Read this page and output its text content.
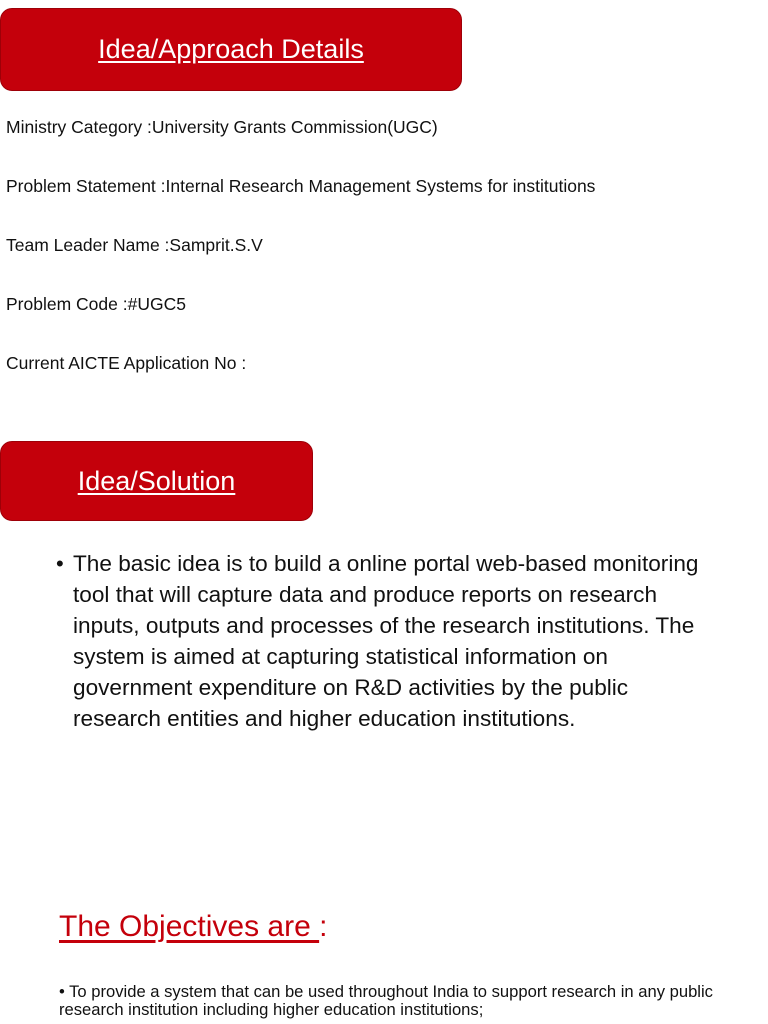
Idea/Approach Details
Ministry Category :University Grants Commission(UGC)
Problem Statement :Internal Research Management Systems for institutions
Team Leader Name :Samprit.S.V
Problem Code :#UGC5
Current AICTE Application No :
Idea/Solution
• The basic idea is to build a online portal web-based monitoring tool that will capture data and produce reports on research inputs, outputs and processes of the research institutions. The system is aimed at capturing statistical information on government expenditure on R&D activities by the public research entities and higher education institutions.

The Objectives are :

• To provide a system that can be used throughout India to support research in any public research institution including higher education institutions;
